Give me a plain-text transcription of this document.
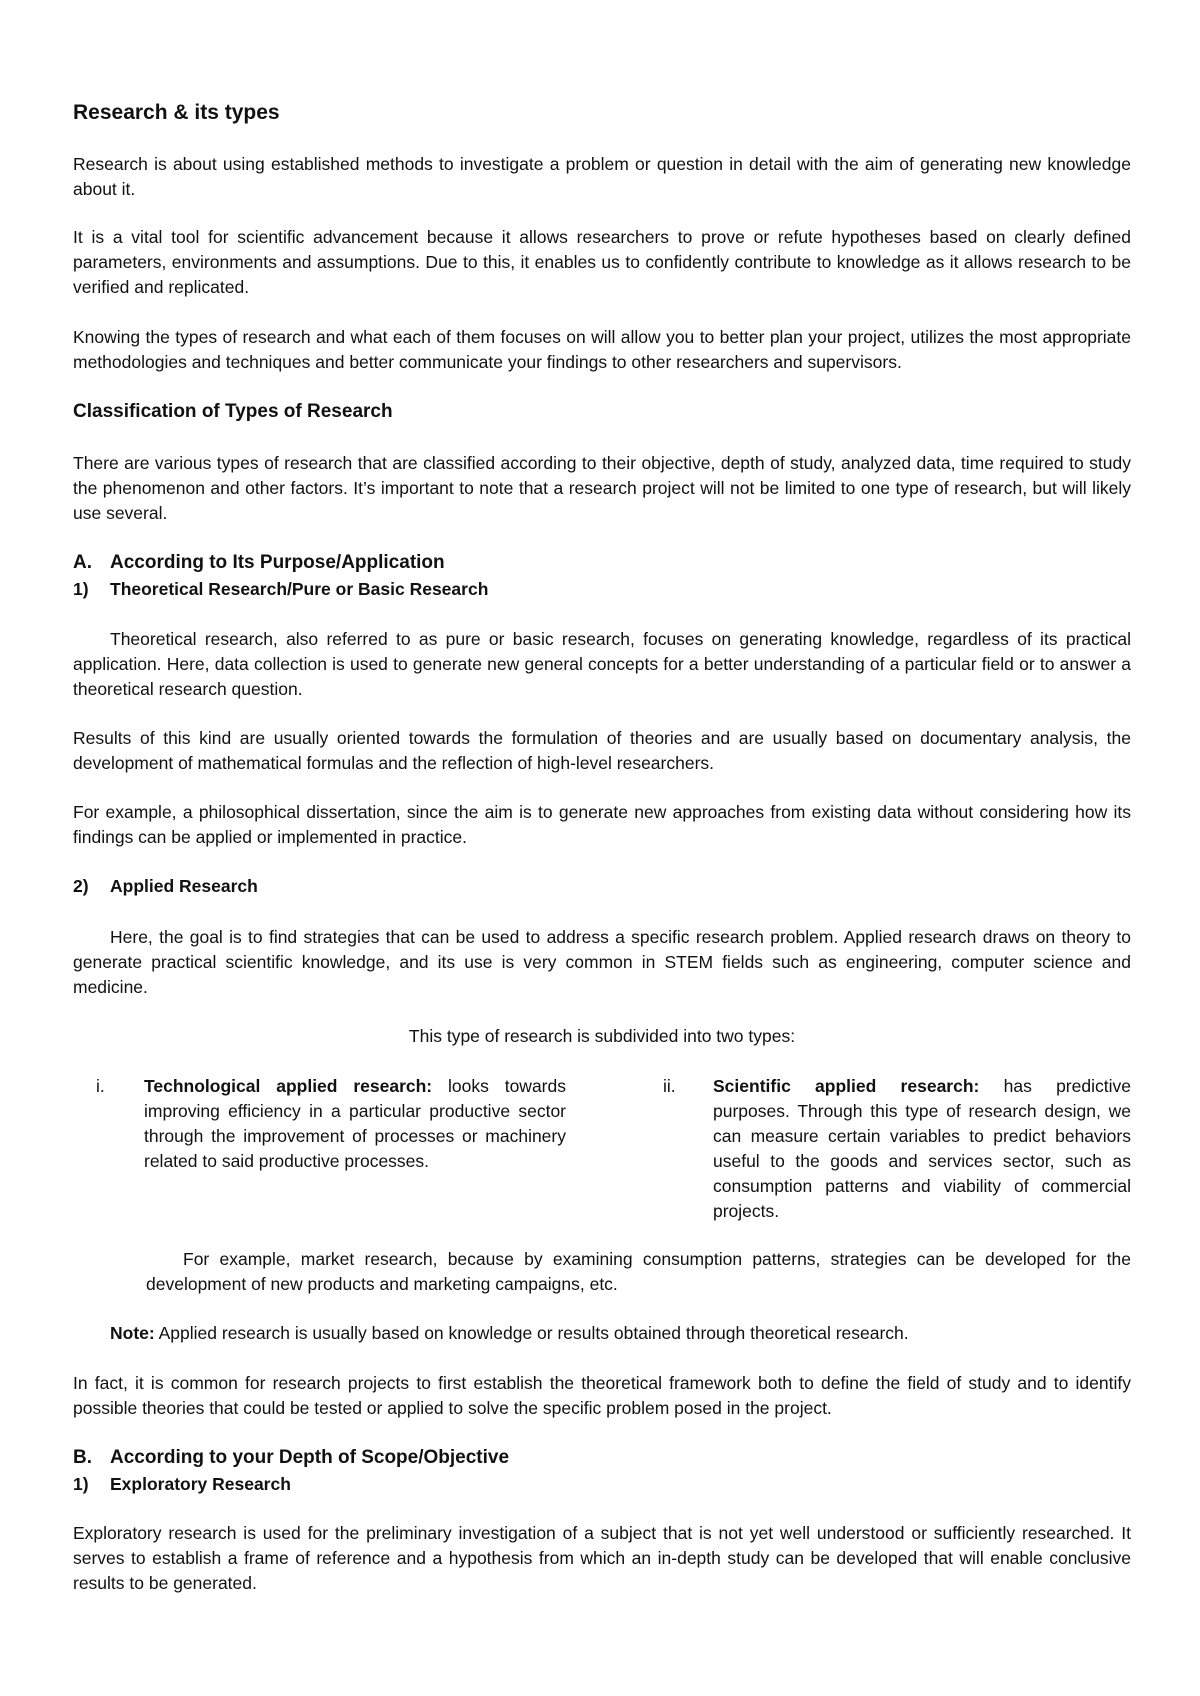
Research & its types

Research is about using established methods to investigate a problem or question in detail with the aim of generating new knowledge about it.

It is a vital tool for scientific advancement because it allows researchers to prove or refute hypotheses based on clearly defined parameters, environments and assumptions. Due to this, it enables us to confidently contribute to knowledge as it allows research to be verified and replicated.

Knowing the types of research and what each of them focuses on will allow you to better plan your project, utilizes the most appropriate methodologies and techniques and better communicate your findings to other researchers and supervisors.

Classification of Types of Research

There are various types of research that are classified according to their objective, depth of study, analyzed data, time required to study the phenomenon and other factors. It’s important to note that a research project will not be limited to one type of research, but will likely use several.

A. According to Its Purpose/Application
1) Theoretical Research/Pure or Basic Research

Theoretical research, also referred to as pure or basic research, focuses on generating knowledge, regardless of its practical application. Here, data collection is used to generate new general concepts for a better understanding of a particular field or to answer a theoretical research question.

Results of this kind are usually oriented towards the formulation of theories and are usually based on documentary analysis, the development of mathematical formulas and the reflection of high-level researchers.

For example, a philosophical dissertation, since the aim is to generate new approaches from existing data without considering how its findings can be applied or implemented in practice.

2) Applied Research

Here, the goal is to find strategies that can be used to address a specific research problem. Applied research draws on theory to generate practical scientific knowledge, and its use is very common in STEM fields such as engineering, computer science and medicine.

This type of research is subdivided into two types:

i. Technological applied research: looks towards improving efficiency in a particular productive sector through the improvement of processes or machinery related to said productive processes.

ii. Scientific applied research: has predictive purposes. Through this type of research design, we can measure certain variables to predict behaviors useful to the goods and services sector, such as consumption patterns and viability of commercial projects.

For example, market research, because by examining consumption patterns, strategies can be developed for the development of new products and marketing campaigns, etc.

Note: Applied research is usually based on knowledge or results obtained through theoretical research.

In fact, it is common for research projects to first establish the theoretical framework both to define the field of study and to identify possible theories that could be tested or applied to solve the specific problem posed in the project.

B. According to your Depth of Scope/Objective
1) Exploratory Research

Exploratory research is used for the preliminary investigation of a subject that is not yet well understood or sufficiently researched. It serves to establish a frame of reference and a hypothesis from which an in-depth study can be developed that will enable conclusive results to be generated.
